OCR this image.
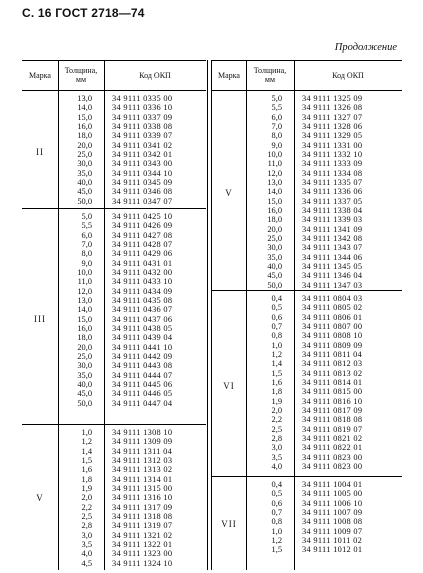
С. 16 ГОСТ 2718—74
Продолжение
Марка	Толщина,
мм	Код ОКП
II
13,0 34 9111 0335 00
14,0 34 9111 0336 10
15,0 34 9111 0337 09
16,0 34 9111 0338 08
18,0 34 9111 0339 07
20,0 34 9111 0341 02
25,0 34 9111 0342 01
30,0 34 9111 0343 00
35,0 34 9111 0344 10
40,0 34 9111 0345 09
45,0 34 9111 0346 08
50,0 34 9111 0347 07
III
5,0 34 9111 0425 10
5,5 34 9111 0426 09
6,0 34 9111 0427 08
7,0 34 9111 0428 07
8,0 34 9111 0429 06
9,0 34 9111 0431 01
10,0 34 9111 0432 00
11,0 34 9111 0433 10
12,0 34 9111 0434 09
13,0 34 9111 0435 08
14,0 34 9111 0436 07
15,0 34 9111 0437 06
16,0 34 9111 0438 05
18,0 34 9111 0439 04
20,0 34 9111 0441 10
25,0 34 9111 0442 09
30,0 34 9111 0443 08
35,0 34 9111 0444 07
40,0 34 9111 0445 06
45,0 34 9111 0446 05
50,0 34 9111 0447 04
V
1,0 34 9111 1308 10
1,2 34 9111 1309 09
1,4 34 9111 1311 04
1,5 34 9111 1312 03
1,6 34 9111 1313 02
1,8 34 9111 1314 01
1,9 34 9111 1315 00
2,0 34 9111 1316 10
2,2 34 9111 1317 09
2,5 34 9111 1318 08
2,8 34 9111 1319 07
3,0 34 9111 1321 02
3,5 34 9111 1322 01
4,0 34 9111 1323 00
4,5 34 9111 1324 10
Марка	Толщина,
мм	Код ОКП
V
5,0 34 9111 1325 09
5,5 34 9111 1326 08
6,0 34 9111 1327 07
7,0 34 9111 1328 06
8,0 34 9111 1329 05
9,0 34 9111 1331 00
10,0 34 9111 1332 10
11,0 34 9111 1333 09
12,0 34 9111 1334 08
13,0 34 9111 1335 07
14,0 34 9111 1336 06
15,0 34 9111 1337 05
16,0 34 9111 1338 04
18,0 34 9111 1339 03
20,0 34 9111 1341 09
25,0 34 9111 1342 08
30,0 34 9111 1343 07
35,0 34 9111 1344 06
40,0 34 9111 1345 05
45,0 34 9111 1346 04
50,0 34 9111 1347 03
VI
0,4 34 9111 0804 03
0,5 34 9111 0805 02
0,6 34 9111 0806 01
0,7 34 9111 0807 00
0,8 34 9111 0808 10
1,0 34 9111 0809 09
1,2 34 9111 0811 04
1,4 34 9111 0812 03
1,5 34 9111 0813 02
1,6 34 9111 0814 01
1,8 34 9111 0815 00
1,9 34 9111 0816 10
2,0 34 9111 0817 09
2,2 34 9111 0818 08
2,5 34 9111 0819 07
2,8 34 9111 0821 02
3,0 34 9111 0822 01
3,5 34 9111 0823 00
4,0 34 9111 0823 00
VII
0,4 34 9111 1004 01
0,5 34 9111 1005 00
0,6 34 9111 1006 10
0,7 34 9111 1007 09
0,8 34 9111 1008 08
1,0 34 9111 1009 07
1,2 34 9111 1011 02
1,5 34 9111 1012 01
